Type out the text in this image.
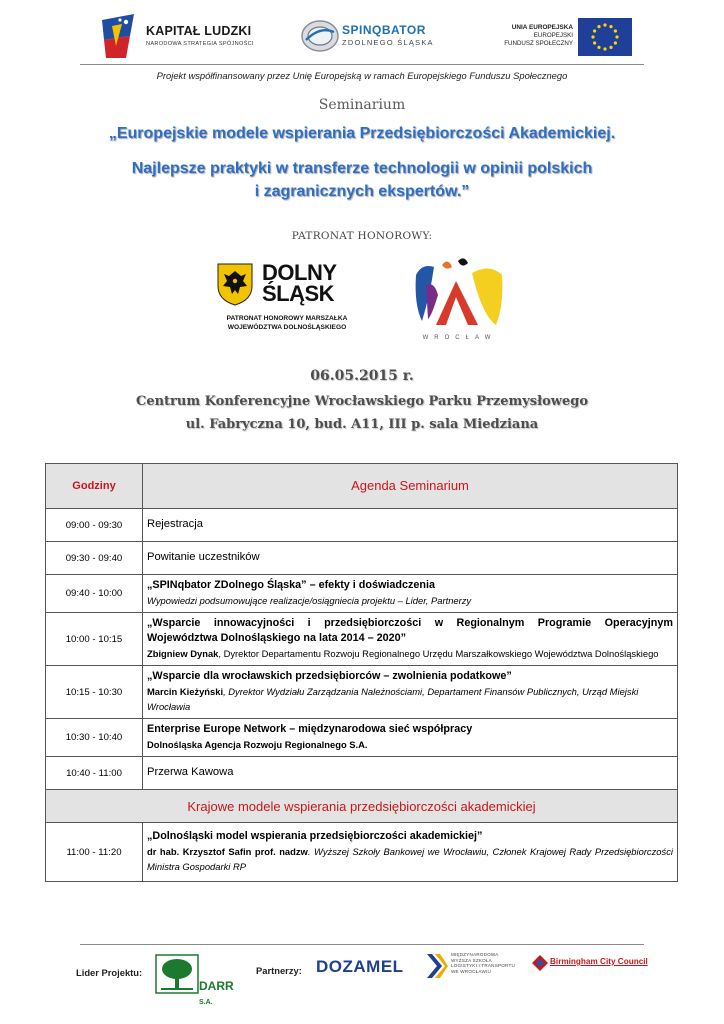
KAPITAŁ LUDZKI
NARODOWA STRATEGIA SPÓJNOŚCI
SPINQBATOR
ZDOLNEGO ŚLĄSKA
UNIA EUROPEJSKA
EUROPEJSKI
FUNDUSZ SPOŁECZNY
Projekt współfinansowany przez Unię Europejską w ramach Europejskiego Funduszu Społecznego
Seminarium
„Europejskie modele wspierania Przedsiębiorczości Akademickiej.
Najlepsze praktyki w transferze technologii w opinii polskich
i zagranicznych ekspertów.”
PATRONAT HONOROWY:
DOLNY
ŚLĄSK
PATRONAT HONOROWY MARSZAŁKA
WOJEWÓDZTWA DOLNOŚLĄSKIEGO
WROCŁAW
06.05.2015 r.
Centrum Konferencyjne Wrocławskiego Parku Przemysłowego
ul. Fabryczna 10, bud. A11, III p. sala Miedziana
Godziny	Agenda Seminarium
09:00 - 09:30	Rejestracja
09:30 - 09:40	Powitanie uczestników
09:40 - 10:00	„SPINqbator ZDolnego Śląska” – efekty i doświadczenia
Wypowiedzi podsumowujące realizacje/osiągniecia projektu – Lider, Partnerzy

10:00 - 10:15	„Wsparcie innowacyjności i przedsiębiorczości w Regionalnym Programie Operacyjnym Województwa Dolnośląskiego na lata 2014 – 2020”
Zbigniew Dynak, Dyrektor Departamentu Rozwoju Regionalnego Urzędu Marszałkowskiego Województwa Dolnośląskiego

10:15 - 10:30	„Wsparcie dla wrocławskich przedsiębiorców – zwolnienia podatkowe”
Marcin Kieżyński, Dyrektor Wydziału Zarządzania Należnościami, Departament Finansów Publicznych, Urząd Miejski Wrocławia

10:30 - 10:40	Enterprise Europe Network – międzynarodowa sieć współpracy
Dolnośląska Agencja Rozwoju Regionalnego S.A.

10:40 - 11:00	Przerwa Kawowa
Krajowe modele wspierania przedsiębiorczości akademickiej	
11:00 - 11:20	„Dolnośląski model wspierania przedsiębiorczości akademickiej”
dr hab. Krzysztof Safin prof. nadzw. Wyższej Szkoły Bankowej we Wrocławiu, Członek Krajowej Rady Przedsiębiorczości Ministra Gospodarki RP
Lider Projektu:
DARR S.A.
Partnerzy: DOZAMEL
MIĘDZYNARODOWA
WYŻSZA SZKOŁA
LOGISTYKI I TRANSPORTU
WE WROCŁAWIU
Birmingham City Council
